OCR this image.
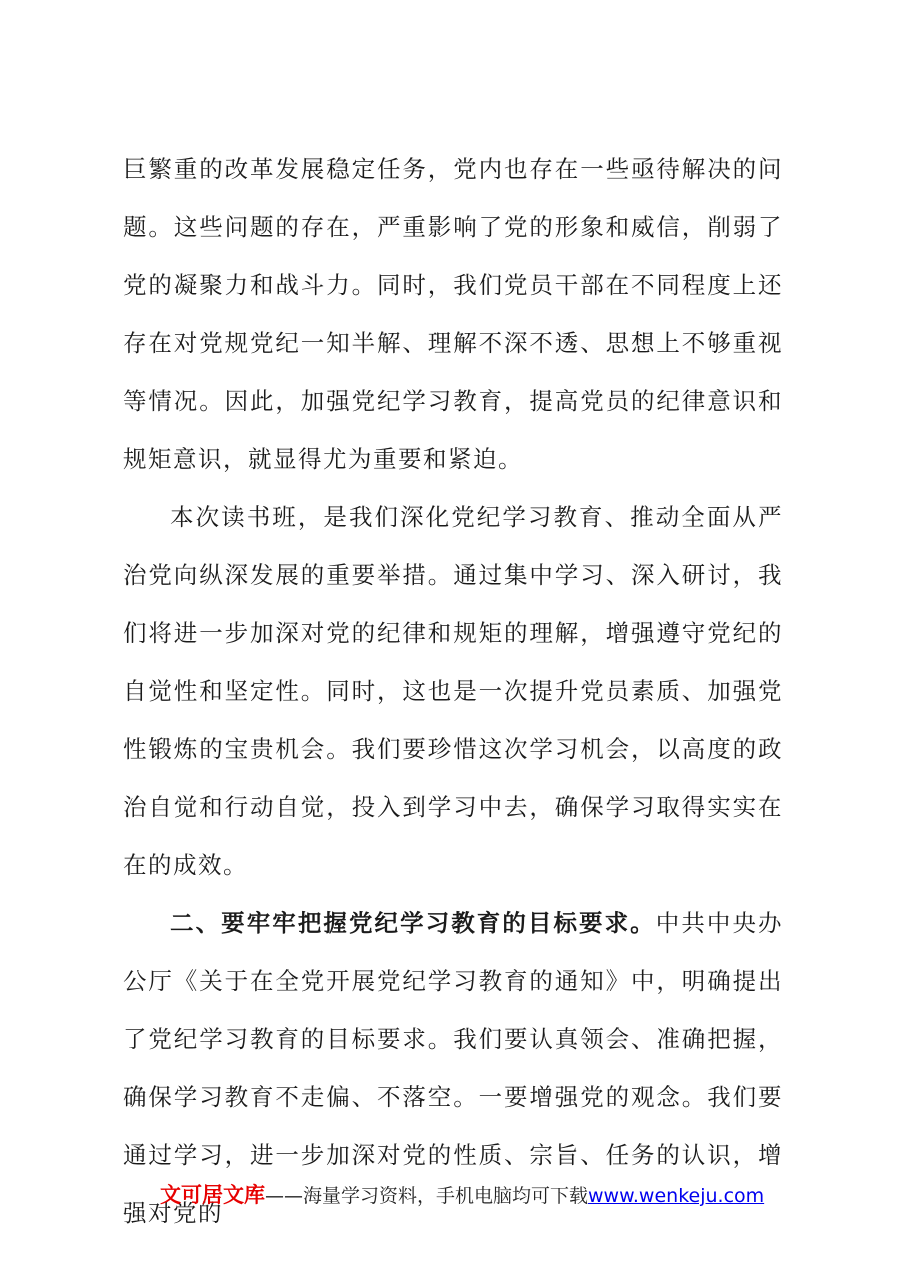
巨繁重的改革发展稳定任务，党内也存在一些亟待解决的问题。这些问题的存在，严重影响了党的形象和威信，削弱了党的凝聚力和战斗力。同时，我们党员干部在不同程度上还存在对党规党纪一知半解、理解不深不透、思想上不够重视等情况。因此，加强党纪学习教育，提高党员的纪律意识和规矩意识，就显得尤为重要和紧迫。

本次读书班，是我们深化党纪学习教育、推动全面从严治党向纵深发展的重要举措。通过集中学习、深入研讨，我们将进一步加深对党的纪律和规矩的理解，增强遵守党纪的自觉性和坚定性。同时，这也是一次提升党员素质、加强党性锻炼的宝贵机会。我们要珍惜这次学习机会，以高度的政治自觉和行动自觉，投入到学习中去，确保学习取得实实在在的成效。

二、要牢牢把握党纪学习教育的目标要求。中共中央办公厅《关于在全党开展党纪学习教育的通知》中，明确提出了党纪学习教育的目标要求。我们要认真领会、准确把握，确保学习教育不走偏、不落空。一要增强党的观念。我们要通过学习，进一步加深对党的性质、宗旨、任务的认识，增强对党的

文可居文库——海量学习资料，手机电脑均可下载www.wenkeju.com
